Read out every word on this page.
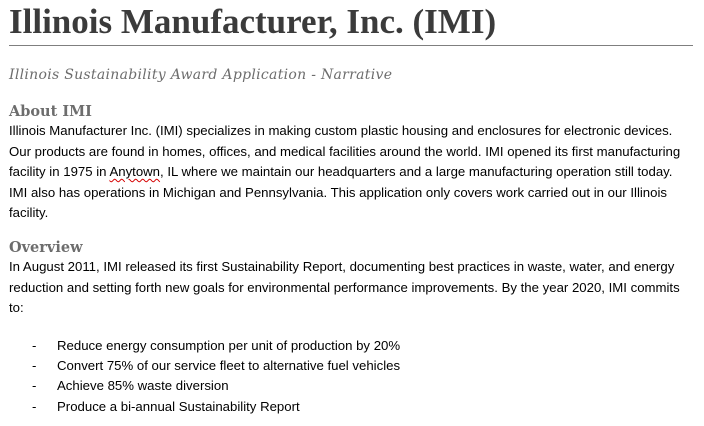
Illinois Manufacturer, Inc. (IMI)
Illinois Sustainability Award Application - Narrative
About IMI

Illinois Manufacturer Inc. (IMI) specializes in making custom plastic housing and enclosures for electronic devices. Our products are found in homes, offices, and medical facilities around the world. IMI opened its first manufacturing facility in 1975 in Anytown, IL where we maintain our headquarters and a large manufacturing operation still today. IMI also has operations in Michigan and Pennsylvania. This application only covers work carried out in our Illinois facility.

Overview

In August 2011, IMI released its first Sustainability Report, documenting best practices in waste, water, and energy reduction and setting forth new goals for environmental performance improvements. By the year 2020, IMI commits to:

- Reduce energy consumption per unit of production by 20%
- Convert 75% of our service fleet to alternative fuel vehicles
- Achieve 85% waste diversion
- Produce a bi-annual Sustainability Report
